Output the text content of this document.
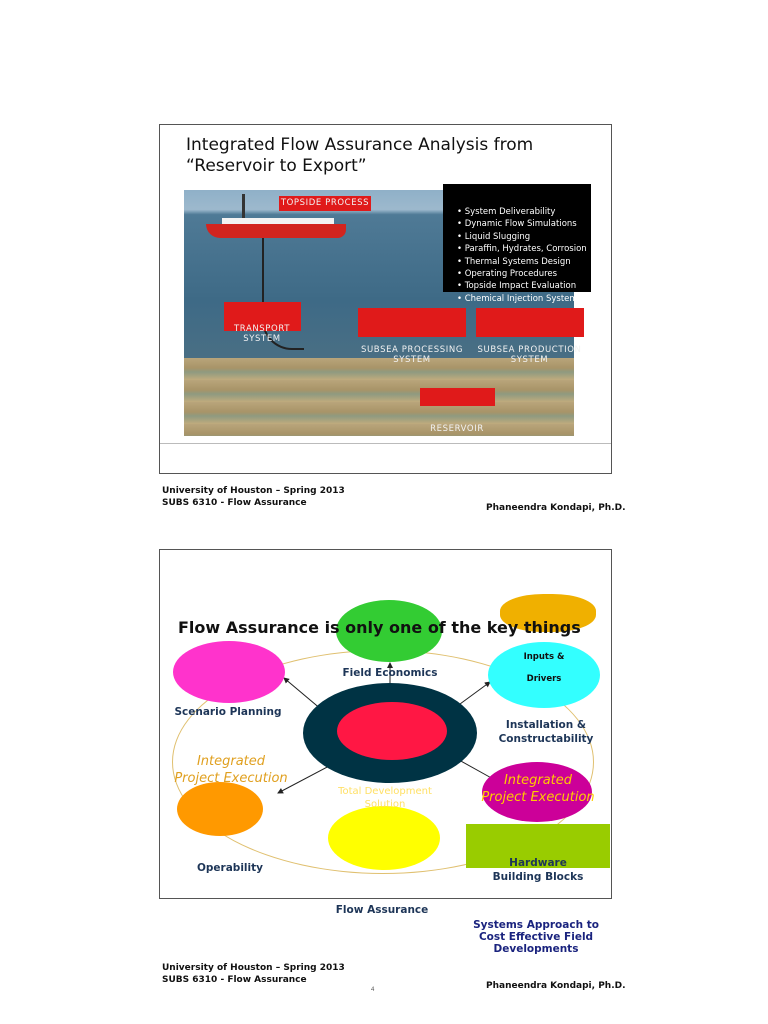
Integrated Flow Assurance Analysis from
“Reservoir to Export”
TOPSIDE PROCESS
TRANSPORT
SYSTEM
SUBSEA PROCESSING
SYSTEM
SUBSEA PRODUCTION
SYSTEM
RESERVOIR
• System Deliverability
• Dynamic Flow Simulations
• Liquid Slugging
• Paraffin, Hydrates, Corrosion
• Thermal Systems Design
• Operating Procedures
• Topside Impact Evaluation
• Chemical Injection System
University of Houston – Spring 2013
SUBS 6310 - Flow Assurance	Phaneendra Kondapi, Ph.D.
Flow Assurance is only one of the key things
Field Economics
Scenario Planning
Inputs &
Drivers
Installation &
Constructability
Integrated
Project Execution	Integrated
Project Execution
Total Development
Solution
Operability	Hardware
Building Blocks
Flow Assurance
Systems Approach to
Cost Effective Field
Developments
University of Houston – Spring 2013
SUBS 6310 - Flow Assurance
4	Phaneendra Kondapi, Ph.D.
